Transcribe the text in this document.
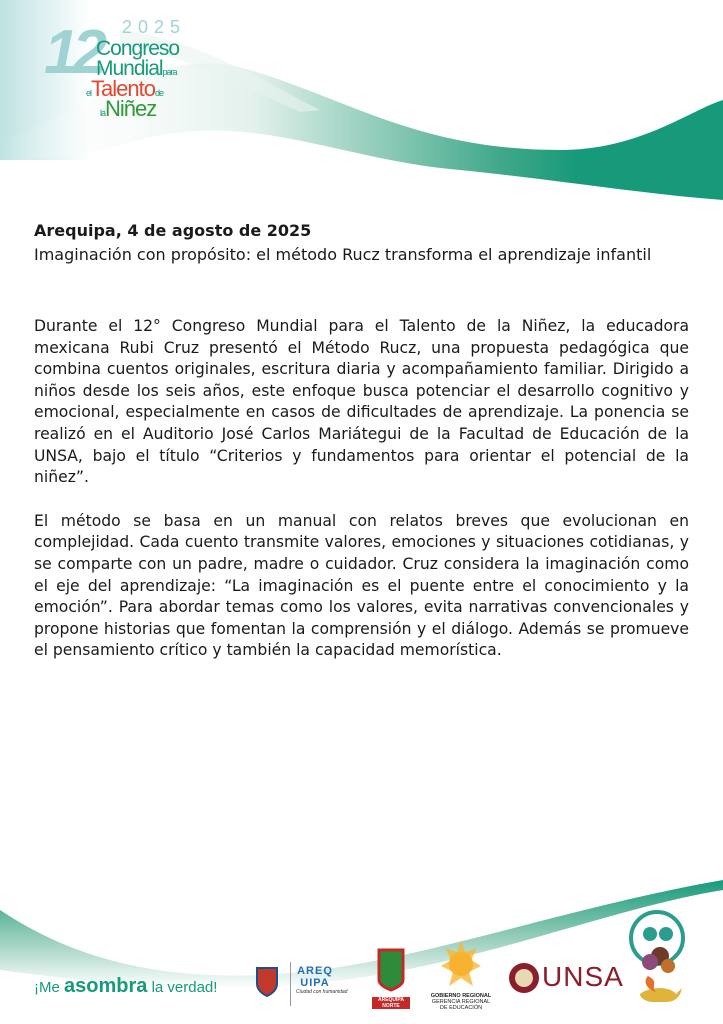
12 2025
Congreso
Mundialpara
elTalentode
laNiñez
Arequipa, 4 de agosto de 2025
Imaginación con propósito: el método Rucz transforma el aprendizaje infantil

Durante el 12° Congreso Mundial para el Talento de la Niñez, la educadora mexicana Rubi Cruz presentó el Método Rucz, una propuesta pedagógica que combina cuentos originales, escritura diaria y acompañamiento familiar. Dirigido a niños desde los seis años, este enfoque busca potenciar el desarrollo cognitivo y emocional, especialmente en casos de dificultades de aprendizaje. La ponencia se realizó en el Auditorio José Carlos Mariátegui de la Facultad de Educación de la UNSA, bajo el título “Criterios y fundamentos para orientar el potencial de la niñez”.

El método se basa en un manual con relatos breves que evolucionan en complejidad. Cada cuento transmite valores, emociones y situaciones cotidianas, y se comparte con un padre, madre o cuidador. Cruz considera la imaginación como el eje del aprendizaje: “La imaginación es el puente entre el conocimiento y la emoción”. Para abordar temas como los valores, evita narrativas convencionales y propone historias que fomentan la comprensión y el diálogo. Además se promueve el pensamiento crítico y también la capacidad memorística.

¡Me asombra la verdad!
AREQUIPA
Ciudad con humanidad
AREQUIPA NORTE
GOBIERNO REGIONAL
GERENCIA REGIONAL
DE EDUCACIÓN
UNSA
